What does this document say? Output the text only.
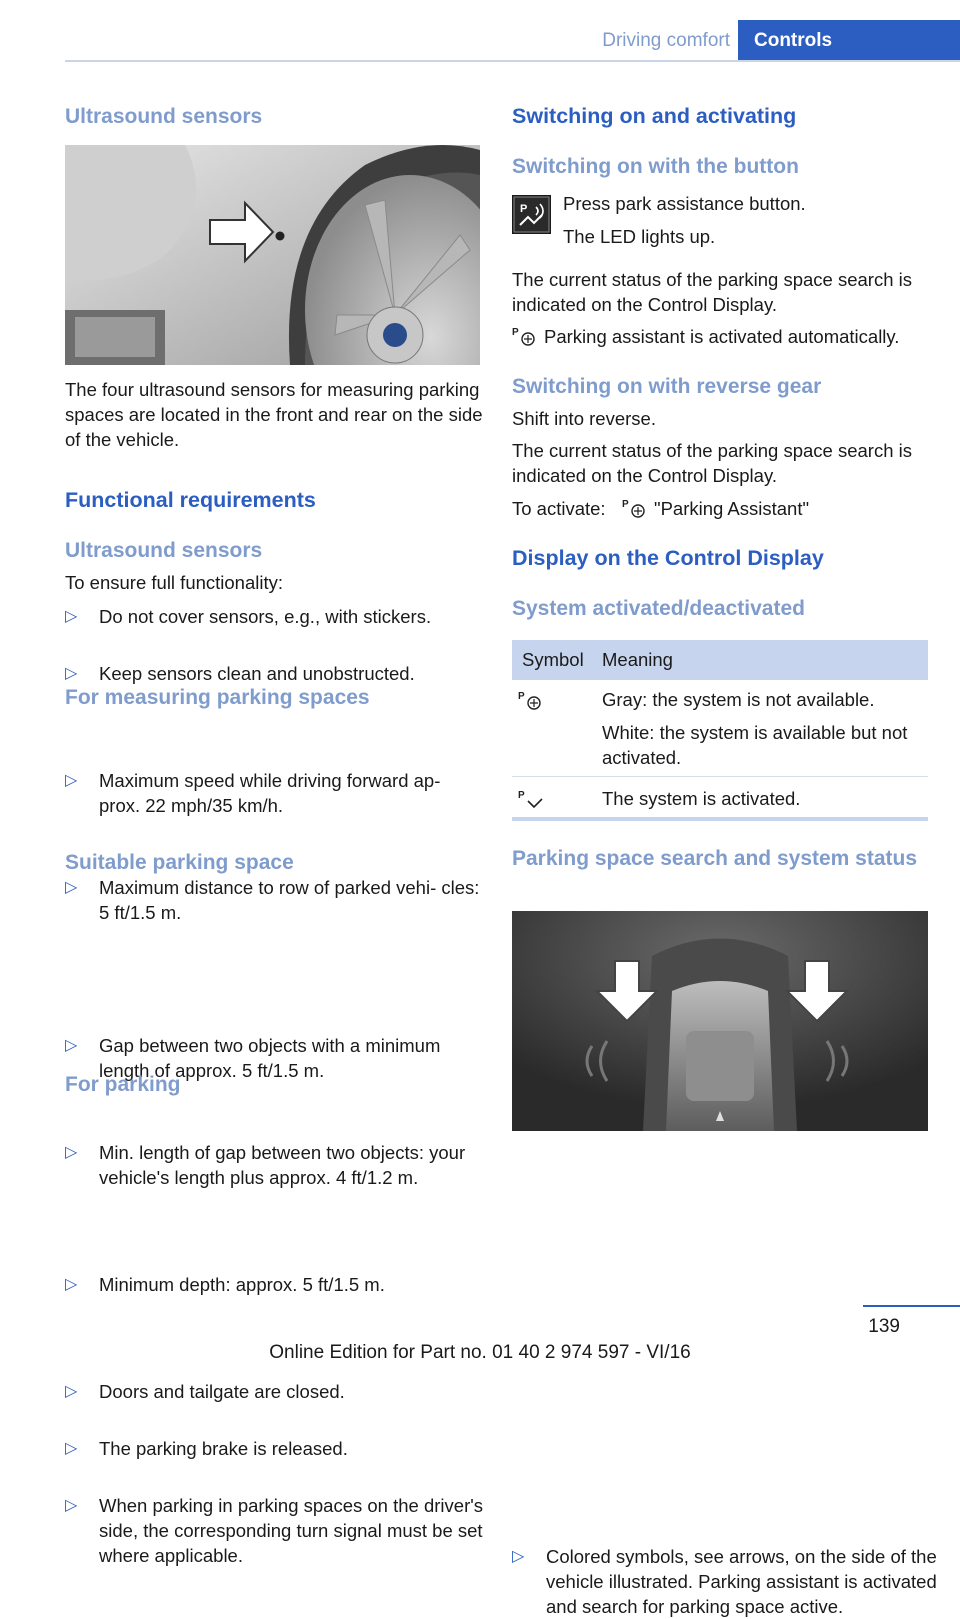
Driving comfort	Controls
Ultrasound sensors
The four ultrasound sensors for measuring parking spaces are located in the front and rear on the side of the vehicle.
Functional requirements
Ultrasound sensors
To ensure full functionality:
▷ Do not cover sensors, e.g., with stickers.
▷ Keep sensors clean and unobstructed.
For measuring parking spaces
▷ Maximum speed while driving forward ap‐ prox. 22 mph/35 km/h.
▷ Maximum distance to row of parked vehi‐ cles: 5 ft/1.5 m.
Suitable parking space
▷ Gap between two objects with a minimum length of approx. 5 ft/1.5 m.
▷ Min. length of gap between two objects: your vehicle's length plus approx. 4 ft/1.2 m.
▷ Minimum depth: approx. 5 ft/1.5 m.
For parking
▷ Doors and tailgate are closed.
▷ The parking brake is released.
▷ When parking in parking spaces on the driver's side, the corresponding turn signal must be set where applicable.
Switching on and activating
Switching on with the button
P Press park assistance button.
The LED lights up.
The current status of the parking space search is indicated on the Control Display.
P Parking assistant is activated automatically.
Switching on with reverse gear
Shift into reverse.
The current status of the parking space search is indicated on the Control Display.
To activate: P "Parking Assistant"
Display on the Control Display
System activated/deactivated
Symbol Meaning
P	Gray: the system is not available.
White: the system is available but not activated.
P	The system is activated.
Parking space search and system status
▷ Colored symbols, see arrows, on the side of the vehicle illustrated. Parking assistant is activated and search for parking space active.
139
Online Edition for Part no. 01 40 2 974 597 - VI/16
